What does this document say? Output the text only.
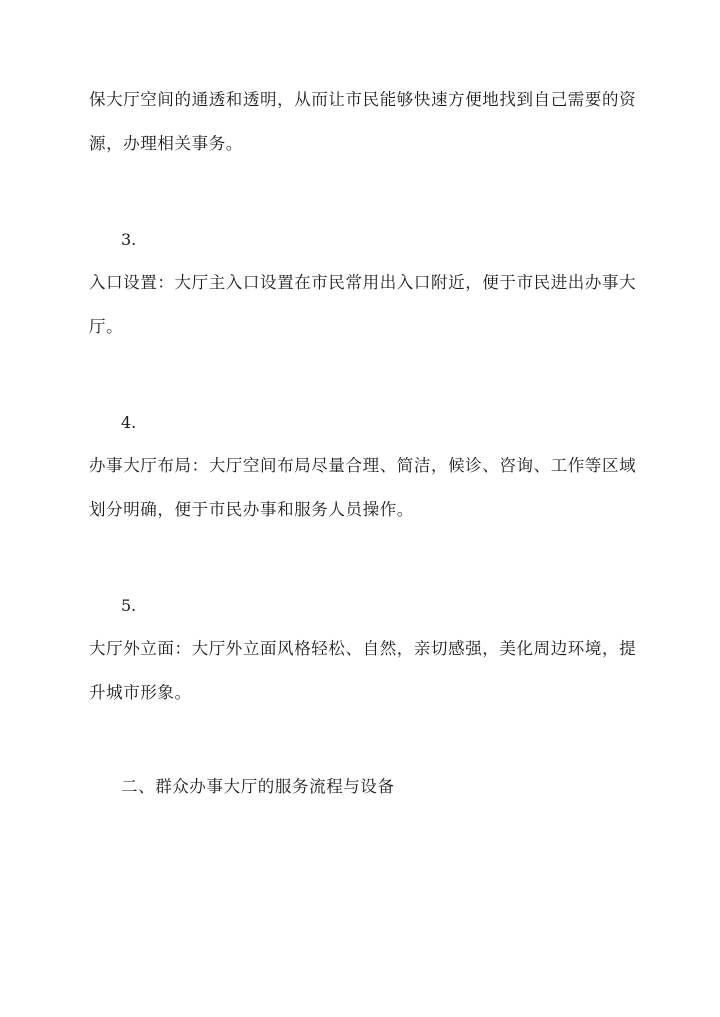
保大厅空间的通透和透明，从而让市民能够快速方便地找到自己需要的资
源，办理相关事务。
3.
入口设置：大厅主入口设置在市民常用出入口附近，便于市民进出办事大
厅。
4.
办事大厅布局：大厅空间布局尽量合理、简洁，候诊、咨询、工作等区域
划分明确，便于市民办事和服务人员操作。
5.
大厅外立面：大厅外立面风格轻松、自然，亲切感强，美化周边环境，提
升城市形象。
二、群众办事大厅的服务流程与设备
